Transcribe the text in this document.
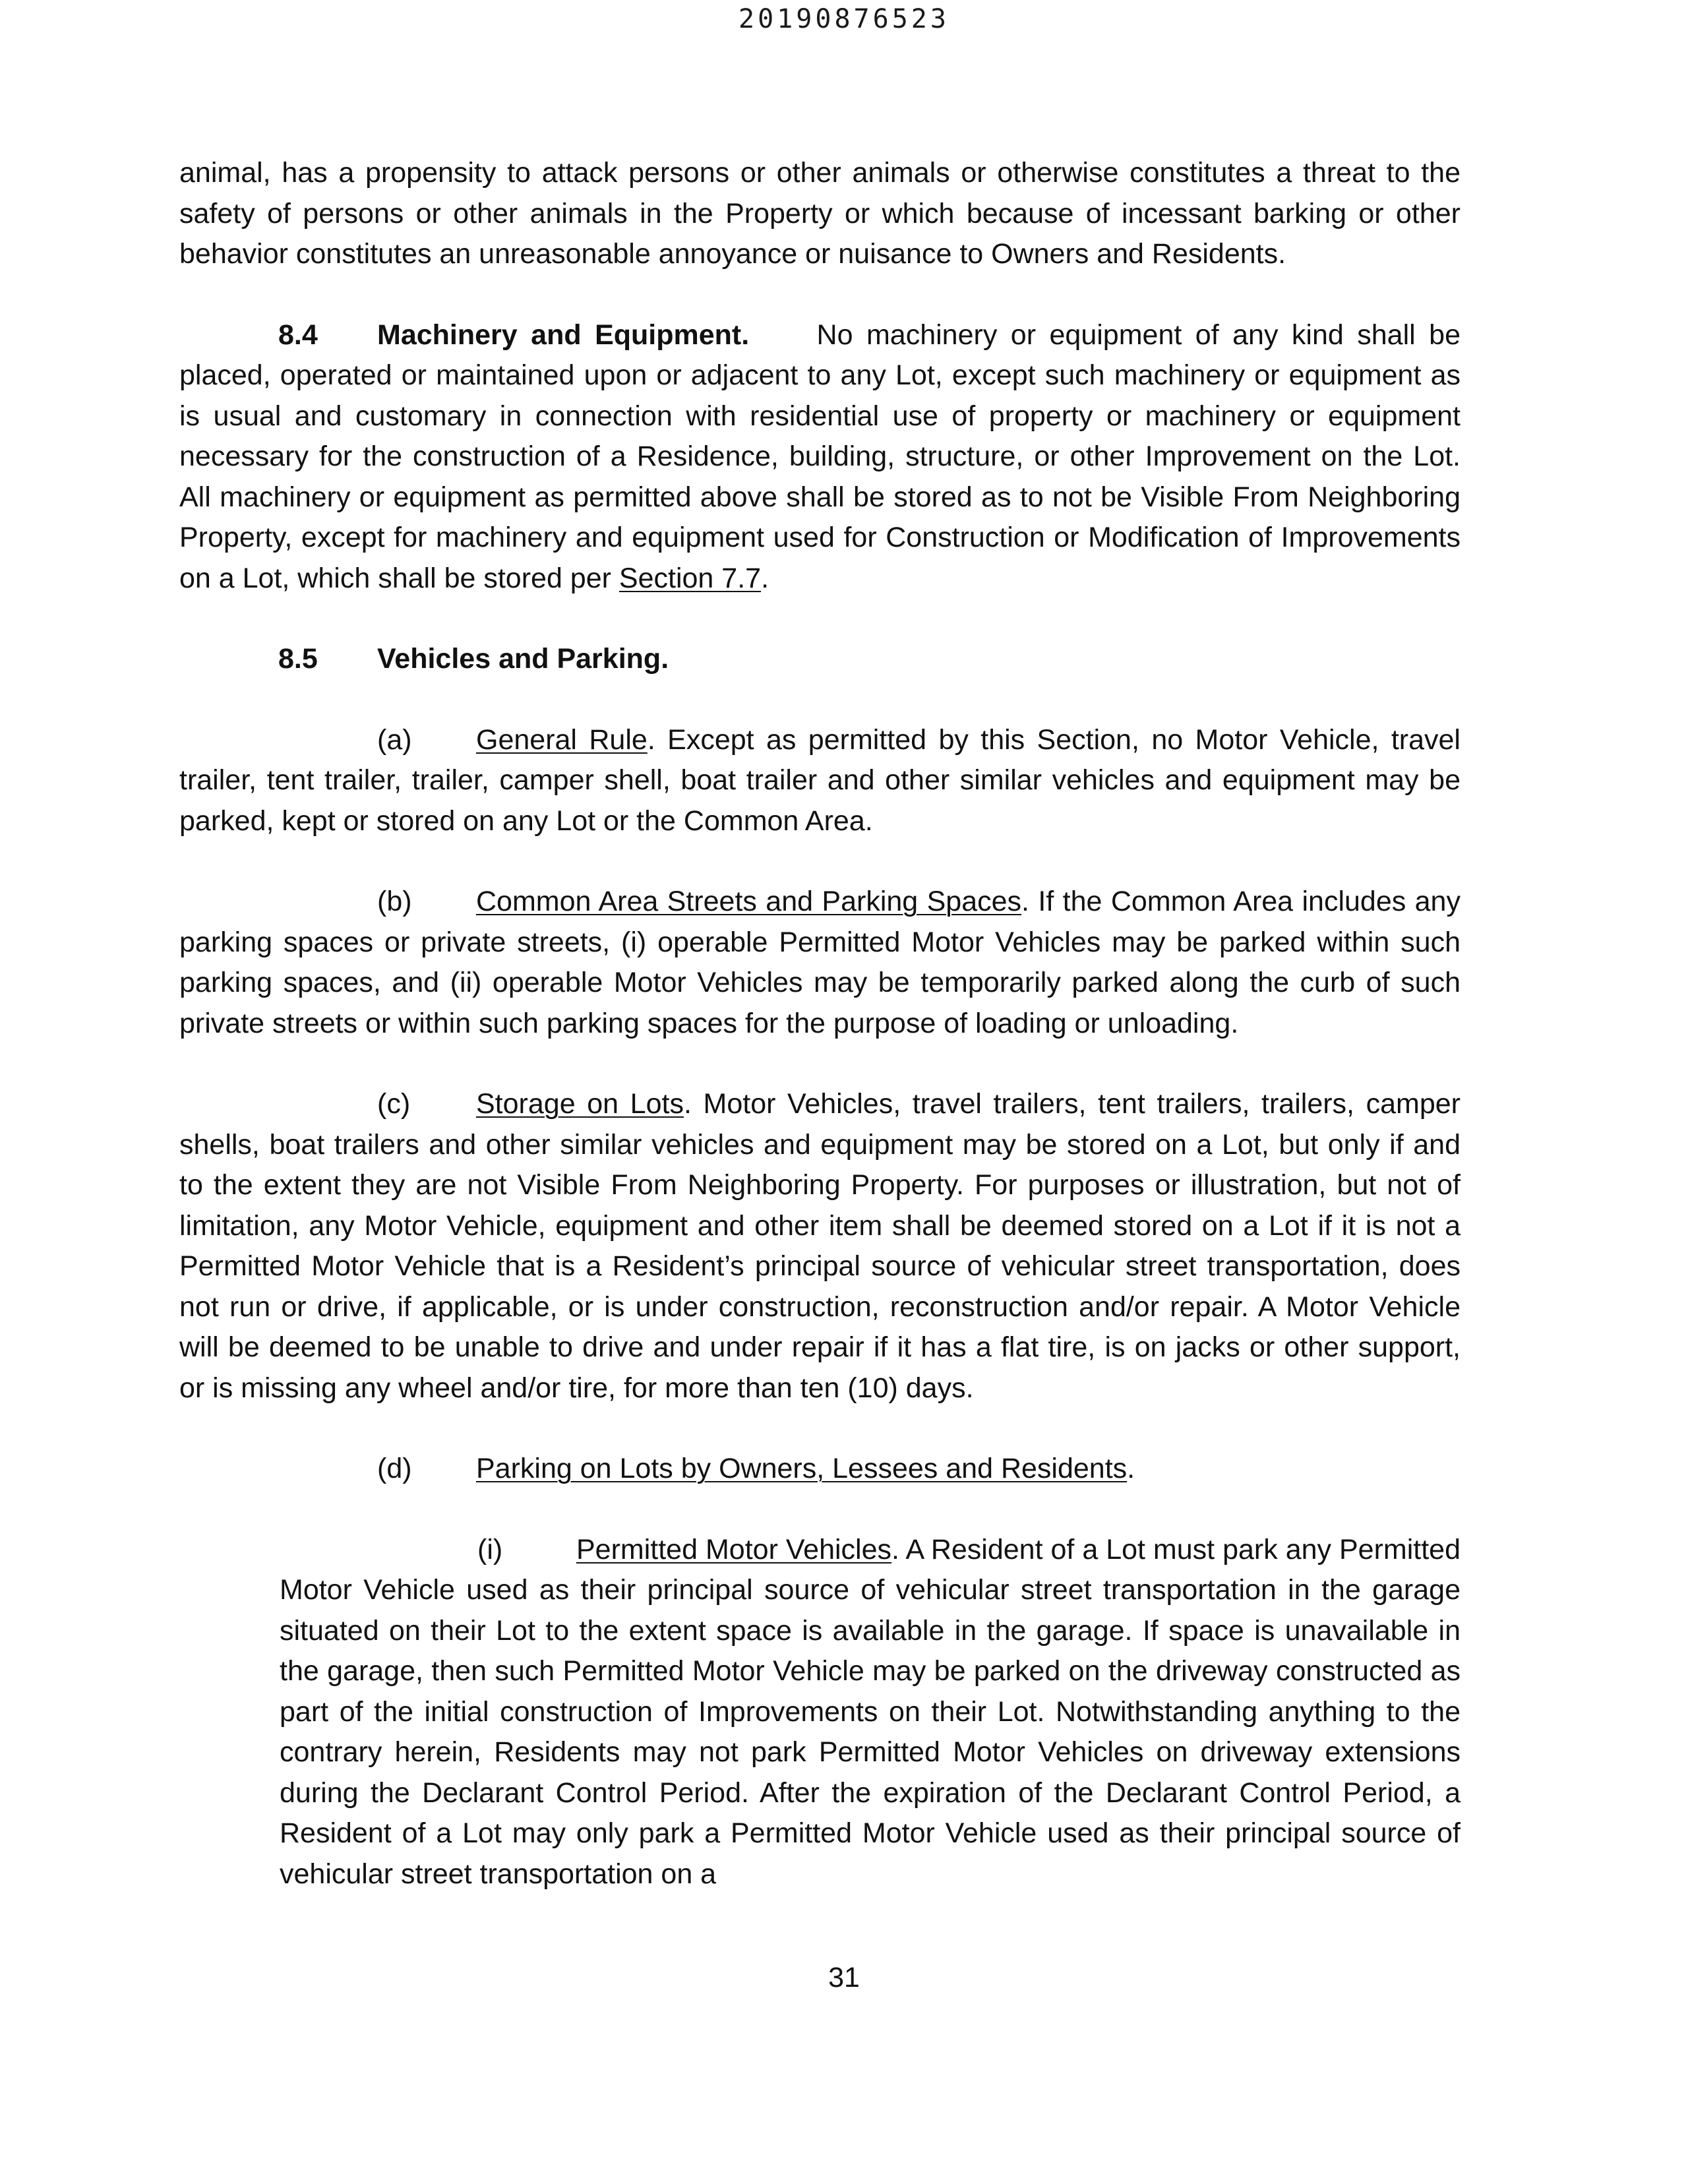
20190876523

animal, has a propensity to attack persons or other animals or otherwise constitutes a threat to the safety of persons or other animals in the Property or which because of incessant barking or other behavior constitutes an unreasonable annoyance or nuisance to Owners and Residents.

8.4 Machinery and Equipment. No machinery or equipment of any kind shall be placed, operated or maintained upon or adjacent to any Lot, except such machinery or equipment as is usual and customary in connection with residential use of property or machinery or equipment necessary for the construction of a Residence, building, structure, or other Improvement on the Lot. All machinery or equipment as permitted above shall be stored as to not be Visible From Neighboring Property, except for machinery and equipment used for Construction or Modification of Improvements on a Lot, which shall be stored per Section 7.7.

8.5 Vehicles and Parking.

(a) General Rule. Except as permitted by this Section, no Motor Vehicle, travel trailer, tent trailer, trailer, camper shell, boat trailer and other similar vehicles and equipment may be parked, kept or stored on any Lot or the Common Area.

(b) Common Area Streets and Parking Spaces. If the Common Area includes any parking spaces or private streets, (i) operable Permitted Motor Vehicles may be parked within such parking spaces, and (ii) operable Motor Vehicles may be temporarily parked along the curb of such private streets or within such parking spaces for the purpose of loading or unloading.

(c) Storage on Lots. Motor Vehicles, travel trailers, tent trailers, trailers, camper shells, boat trailers and other similar vehicles and equipment may be stored on a Lot, but only if and to the extent they are not Visible From Neighboring Property. For purposes or illustration, but not of limitation, any Motor Vehicle, equipment and other item shall be deemed stored on a Lot if it is not a Permitted Motor Vehicle that is a Resident’s principal source of vehicular street transportation, does not run or drive, if applicable, or is under construction, reconstruction and/or repair. A Motor Vehicle will be deemed to be unable to drive and under repair if it has a flat tire, is on jacks or other support, or is missing any wheel and/or tire, for more than ten (10) days.

(d) Parking on Lots by Owners, Lessees and Residents.

(i)	Permitted Motor Vehicles. A Resident of a Lot must park any Permitted Motor Vehicle used as their principal source of vehicular street transportation in the garage situated on their Lot to the extent space is available in the garage. If space is unavailable in the garage, then such Permitted Motor Vehicle may be parked on the driveway constructed as part of the initial construction of Improvements on their Lot. Notwithstanding anything to the contrary herein, Residents may not park Permitted Motor Vehicles on driveway extensions during the Declarant Control Period. After the expiration of the Declarant Control Period, a Resident of a Lot may only park a Permitted Motor Vehicle used as their principal source of vehicular street transportation on a

31
